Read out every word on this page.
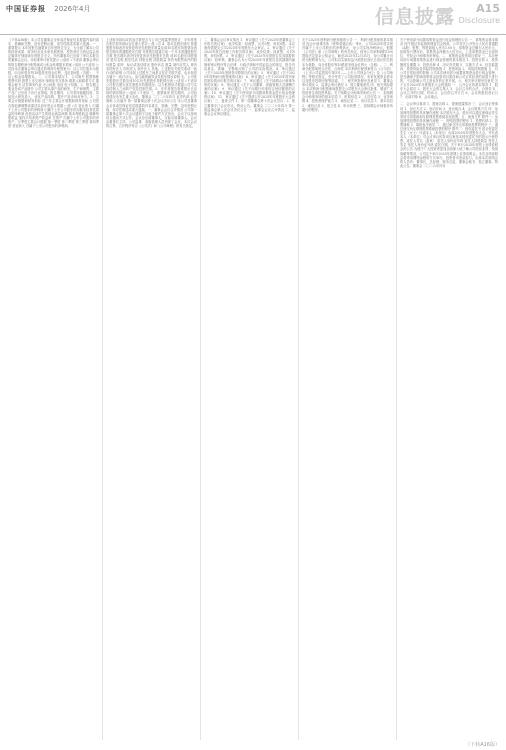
中国证券报 2026年4月	信息披露 A15
Disclosure
（下转A16版）本公司及董事会全体成员保证信息披露内容的真实、准确和完整，没有虚假记载、误导性陈述或重大遗漏。一、重要提示 本年度报告摘要来自年度报告全文，为全面了解本公司的经营成果、财务状况及未来发展规划，投资者应当到证监会指定媒体仔细阅读年度报告全文。所有董事均已出席了审议本报告的董事会会议。非标准审计意见提示 □适用 √不适用 董事会审议的报告期利润分配预案或公积金转增股本预案 √适用 □不适用 公司经本次董事会审议通过的利润分配预案为：以公司总股本为基数，向全体股东每10股派发现金红利，送红股0股（含税），不以公积金转增股本。二、公司基本情况 1、公司简介 股票简称 股票代码 股票上市交易所 深圳证券交易所 联系人和联系方式 董事会秘书 证券事务代表 办公地址 电话 电子信箱。2、报告期主要业务或产品简介 公司主要从事产品的研发、生产和销售，主要产品广泛应用于各行业领域。报告期内，公司坚持稳健经营，持续加大研发投入，优化产品结构，提升产品市场竞争力。3、主要会计数据和财务指标 近三年主要会计数据和财务指标 公司是否需追溯调整或重述以前年度会计数据 □是 √否 营业收入 归属于上市公司股东的净利润 归属于上市公司股东的扣除非经常性损益的净利润 经营活动产生的现金流量净额 基本每股收益 稀释每股收益 加权平均净资产收益率 总资产 归属于上市公司股东的净资产。分季度主要会计数据 第一季度 第二季度 第三季度 第四季度 营业收入 归属于上市公司股东的净利润。
上述财务指标或其加总数是否与公司已披露季度报告、半年度报告相关财务指标存在重大差异 □是 √否 4、股本及股东情况 普通股股东和表决权恢复的优先股股东数量及前10名股东持股情况表 报告期末普通股股东总数 年度报告披露日前一个月末普通股股东总数 报告期末表决权恢复的优先股股东总数 前10名股东持股情况 股东名称 股东性质 持股比例 持股数量 持有有限售条件的股份数量 质押、标记或冻结情况 股份状态 数量 境内自然人 境内非国有法人 国有法人 境外法人 其他。上述股东关联关系或一致行动的说明 公司未知上述股东之间是否存在关联关系，也未知是否属于一致行动人。参与融资融券业务股东情况说明 无。公司优先股股东总数及前10名优先股股东持股情况表 □适用 √不适用 公司报告期无优先股股东持股情况。以方框图形式披露公司与实际控制人之间的产权及控制关系。5、在年度报告批准报出日存续的债券情况 □适用 √不适用 三、重要事项 报告期内，公司经营情况未发生重大变化。董事会 二〇二六年四月 证券代码 证券简称 公告编号 第一届董事会第十次会议决议公告 本公司及董事会全体成员保证信息披露的内容真实、准确、完整，没有虚假记载、误导性陈述或重大遗漏。一、董事会会议召开情况 公司第一届董事会第十次会议通知于以电子邮件方式发出，会议于以现场结合通讯方式召开。会议应出席董事人，实际出席董事人。会议由董事长主持，公司监事、高级管理人员列席了会议。本次会议的召集、召开程序符合《公司法》和《公司章程》的有关规定。
二、董事会会议审议情况 1、审议通过《关于2025年度董事会工作报告的议案》 表决结果：同意票，反对0票，弃权0票。本议案尚需提交公司2025年年度股东大会审议。2、审议通过《关于2025年度总经理工作报告的议案》 表决结果：同意票，反对0票，弃权0票。3、审议通过《关于2025年年度报告及其摘要的议案》 经审核，董事会认为公司2025年年度报告及其摘要的编制和审议程序符合法律、行政法规和中国证监会的规定，报告内容真实、准确、完整地反映了公司的实际情况。4、审议通过《关于2025年度财务决算报告的议案》 5、审议通过《关于2025年度利润分配预案的议案》 6、审议通过《关于2025年度内部控制自我评价报告的议案》 7、审议通过《关于续聘会计师事务所的议案》 8、审议通过《关于公司董事、高级管理人员薪酬方案的议案》 9、审议通过《关于向银行申请综合授信额度的议案》 10、审议通过《关于使用部分闲置募集资金进行现金管理的议案》 11、审议通过《关于提请召开2025年年度股东大会的议案》 三、备查文件 1、第一届董事会第十次会议决议；2、独立董事专门会议决议。特此公告。董事会 二〇二六年四月 第一届监事会第八次会议决议公告 一、监事会会议召开情况 二、监事会会议审议情况。
关于2025年度利润分配预案的公告 一、利润分配预案的基本情况 经会计师事务所（特殊普通合伙）审计，公司2025年度实现归属于上市公司股东的净利润元，母公司实现净利润元。根据《公司法》和《公司章程》的有关规定，按母公司净利润的10%提取法定盈余公积金元，截至2025年12月31日，母公司累计可供分配利润为元。公司拟以实施权益分派股权登记日登记的总股本为基数，向全体股东每10股派发现金红利元（含税）。二、利润分配预案的合法性、合规性 本次利润分配预案符合《公司法》《上市公司监管指引第3号——上市公司现金分红》及《公司章程》等相关规定，充分考虑了公司经营情况、未来发展资金需求以及股东投资回报等因素。三、相关审批程序及意见 1、董事会审议情况 2、监事会审议情况 3、独立董事意见 四、相关风险提示 本次利润分配预案尚需提交公司股东大会审议批准，敬请广大投资者注意投资风险。关于续聘会计师事务所的公告 一、拟续聘会计师事务所的基本信息 1、机构信息 2、人员信息 3、业务规模 4、投资者保护能力 5、诚信记录 二、项目信息 1、基本信息 2、诚信记录 3、独立性 4、审计收费 三、拟续聘会计师事务所履行的程序。
关于使用部分闲置募集资金进行现金管理的公告 一、募集资金基本情况 经中国证券监督管理委员会核准，公司首次公开发行人民币普通股（A股）股票，每股面值人民币1.00元，募集资金总额为人民币元，扣除发行费用后，募集资金净额为人民币元。上述募集资金已全部到位，并经会计师事务所审验。二、募集资金投资项目情况 三、本次使用部分闲置募集资金进行现金管理的基本情况 1、投资目的 2、投资额度及期限 3、投资品种 4、决议有效期 5、实施方式 6、信息披露 四、投资风险及风险控制措施 1、投资风险 2、风险控制措施 五、对公司日常经营的影响 公司本次使用部分闲置募集资金进行现金管理，是在确保不影响募集资金投资项目建设和公司正常经营的前提下进行的，不会影响公司主营业务的正常开展。六、相关审议程序及意见 关于召开2025年年度股东大会的通知 一、召开会议的基本情况 1、股东大会届次 2、股东大会的召集人 3、会议召开的合法、合规性 4、会议召开的日期、时间 5、会议的召开方式 6、会议的股权登记日 7、出席对象 8、会议地点。
二、会议审议事项 1、提案名称 2、提案披露情况 三、会议登记等事项 1、登记方式 2、登记时间 3、登记地点 4、会议联系方式 四、参加网络投票的具体操作流程 本次股东大会，股东可以通过深圳证券交易所交易系统和互联网投票系统参加投票。五、备查文件 附件一：参加网络投票的具体操作流程 一、网络投票的程序 1、投票代码 2、投票简称 3、填报表决意见 二、通过深交所交易系统投票的程序 三、通过深交所互联网投票系统投票的程序 附件二：授权委托书 兹全权委托先生（女士）代表本人（本单位）出席2025年年度股东大会，并代表本人（本单位）对会议审议的各项议案按本授权委托书的指示行使投票。委托人签名（盖章） 委托人身份证号码 委托人持股数量 受托人签名 受托人身份证号码 委托日期。关于举行2025年度网上业绩说明会的公告 为便于广大投资者更加全面深入地了解公司经营业绩、发展战略等情况，公司定于举行2025年度网上业绩说明会。本次业绩说明会将采用网络远程的方式举行，投资者可登录参与。出席本次说明会的人员有：董事长、总经理、财务总监、董事会秘书、独立董事。特此公告。董事会 二〇二六年四月
（下转A16版）
